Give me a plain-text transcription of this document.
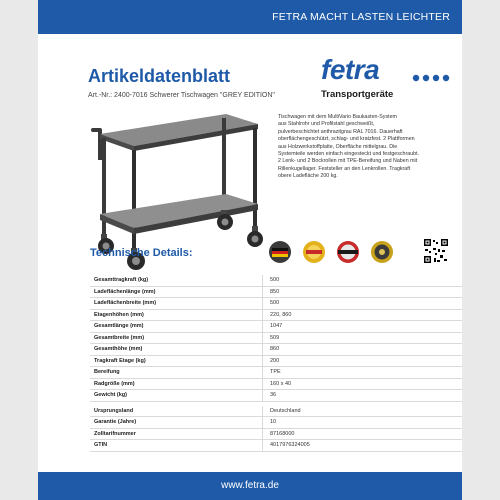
FETRA MACHT LASTEN LEICHTER
Artikeldatenblatt
Art.-Nr.: 2400-7016 Schwerer Tischwagen "GREY EDITION"
fetra
Transportgeräte
Tischwagen mit dem MultiVario Baukasten-System
aus Stahlrohr und Profilstahl geschweißt,
pulverbeschichtet anthrazitgrau RAL 7016. Dauerhaft
oberflächengeschützt, schlag- und kratzfest. 2 Plattformen
aus Holzwerkstoffplatte, Oberfläche mittelgrau. Die
Systemteile werden einfach eingesteckt und festgeschraubt.
2 Lenk- und 2 Bockrollen mit TPE-Bereifung und Naben mit
Rillenkugellager. Feststeller an den Lenkrollen. Tragkraft
obere Ladefläche 200 kg.
Technische Details:
Gesamttragkraft (kg)	500
Ladeflächenlänge (mm)	850
Ladeflächenbreite (mm)	500
Etagenhöhen (mm)	220, 860
Gesamtlänge (mm)	1047
Gesamtbreite (mm)	509
Gesamthöhe (mm)	860
Tragkraft Etage (kg)	200
Bereifung	TPE
Radgröße (mm)	160 x 40
Gewicht (kg)	36
Ursprungsland	Deutschland
Garantie (Jahre)	10
Zolltarifnummer	87168000
GTIN	4017976324005
www.fetra.de
